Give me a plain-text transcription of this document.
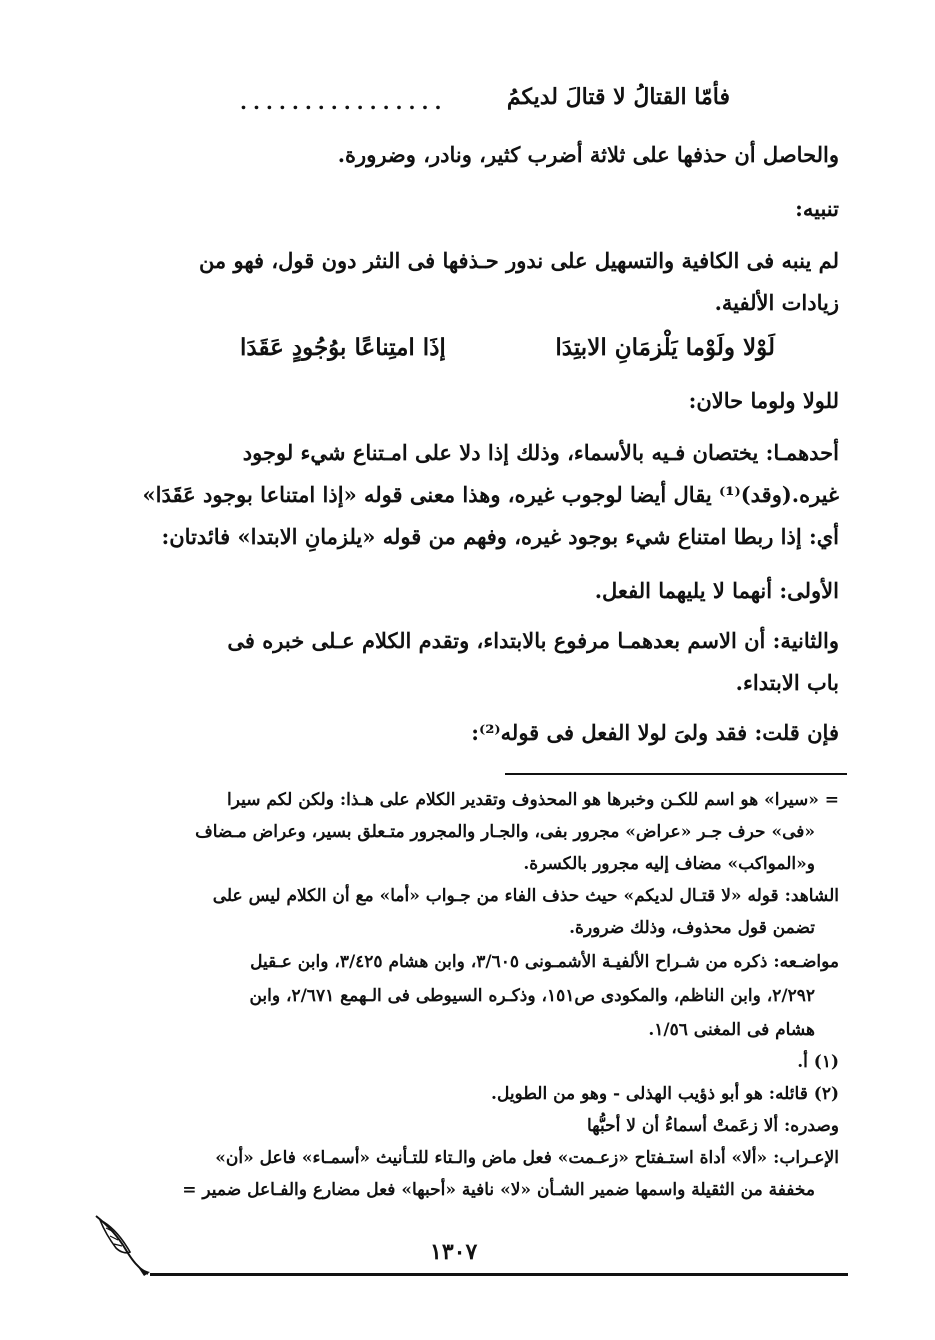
فأمّا القتالُ لا قتالَ لديكمُ
................
والحاصل أن حذفها على ثلاثة أضرب كثير، ونادر، وضرورة.
تنبيه:
لم ينبه فى الكافية والتسهيل على ندور حـذفها فى النثر دون قول، فهو من
زيادات الألفية.
لَوْلا ولَوْما يَلْزمَانِ الابتِدَا
إذَا امتِناعًا بوُجُودٍ عَقَدَا
للولا ولوما حالان:
أحدهمـا: يختصان فـيه بالأسماء، وذلك إذا دلا على امـتناع شيء لوجود
غيره.(وقد)⁽¹⁾ يقال أيضا لوجوب غيره، وهذا معنى قوله «إذا امتناعا بوجود عَقَدَا»
أي: إذا ربطا امتناع شيء بوجود غيره، وفهم من قوله «يلزمانِ الابتدا» فائدتان:
الأولى: أنهما لا يليهما الفعل.
والثانية: أن الاسم بعدهمـا مرفوع بالابتداء، وتقدم الكلام عـلى خبره فى
باب الابتداء.
فإن قلت: فقد ولىَ لولا الفعل فى قوله⁽²⁾:
= «سيرا» هو اسم للكـن وخبرها هو المحذوف وتقدير الكلام على هـذا: ولكن لكم سيرا
«فى» حرف جـر «عراض» مجرور بفى، والجـار والمجرور متـعلق بسير، وعراض مـضاف
و«المواكب» مضاف إليه مجرور بالكسرة.
الشاهد: قوله «لا قتـال لديكم» حيث حذف الفاء من جـواب «أما» مع أن الكلام ليس على
تضمن قول محذوف، وذلك ضرورة.
مواضـعه: ذكره من شـراح الألفيـة الأشمـونى ٣/٦٠٥، وابن هشام ٣/٤٢٥، وابن عـقيل
٢/٢٩٢، وابن الناظم، والمكودى ص١٥١، وذكـره السيوطى فى الـهمع ٢/٦٧١، وابن
هشام فى المغنى ١/٥٦.
(١) أ.
(٢) قائله: هو أبو ذؤيب الهذلى - وهو من الطويل.
وصدره: ألا زعَمتْ أسماءُ أن لا أحبُّها
الإعـراب: «ألا» أداة استـفتاح «زعـمت» فعل ماض والـتاء للتـأنيث «أسمـاء» فاعل «أن»
مخففة من الثقيلة واسمها ضمير الشـأن «لا» نافية «أحبها» فعل مضارع والفـاعل ضمير =
١٣٠٧
